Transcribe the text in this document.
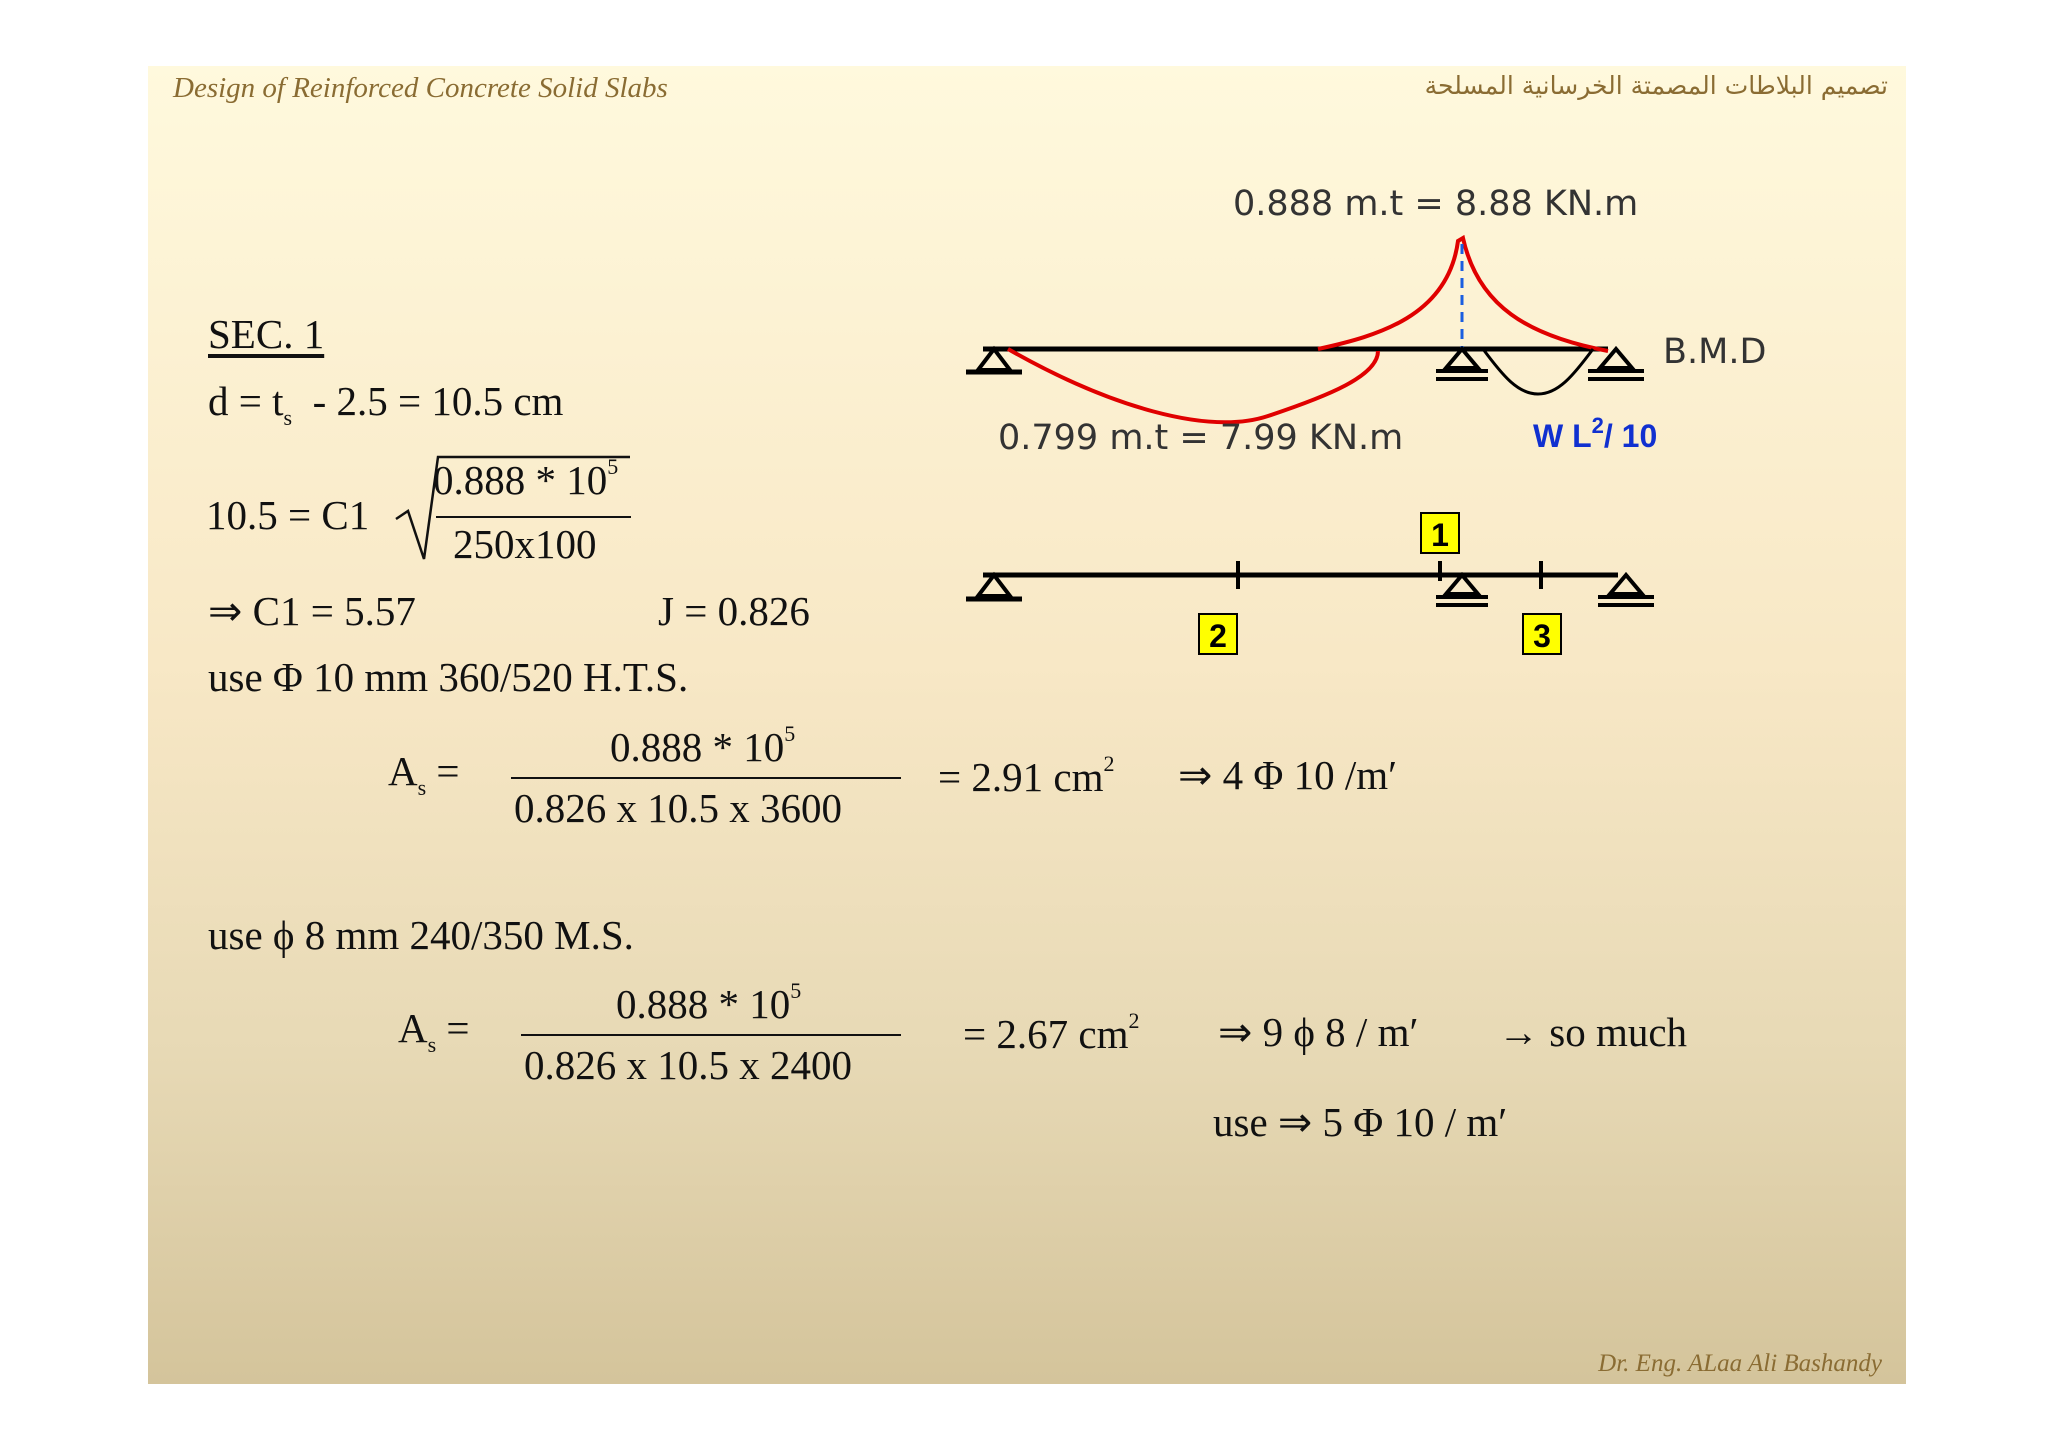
Design of Reinforced Concrete Solid Slabs	تصميم البلاطات المصمتة الخرسانية المسلحة
SEC. 1
$d = t_s - 2.5 = 10.5$ cm
10.5 = C1
$0.888 * 10^5$
250x100
⇒ C1 = 5.57	J = 0.826
use Φ 10 mm 360/520 H.T.S.
$A_s$ =
$0.888 * 10^5$
0.826 x 10.5 x 3600
= 2.91 $cm^2$ ⇒ 4 Φ 10 /m′
use ϕ 8 mm 240/350 M.S.
$A_s$ =
$0.888 * 10^5$
0.826 x 10.5 x 2400
= 2.67 $cm^2$ ⇒ 9 ϕ 8 / m′ → so much
use ⇒ 5 Φ 10 / m′
0.888 m.t = 8.88 KN.m
B.M.D
0.799 m.t = 7.99 KN.m	W $L^2/$ 10
1
2	3
Dr. Eng. ALaa Ali Bashandy
